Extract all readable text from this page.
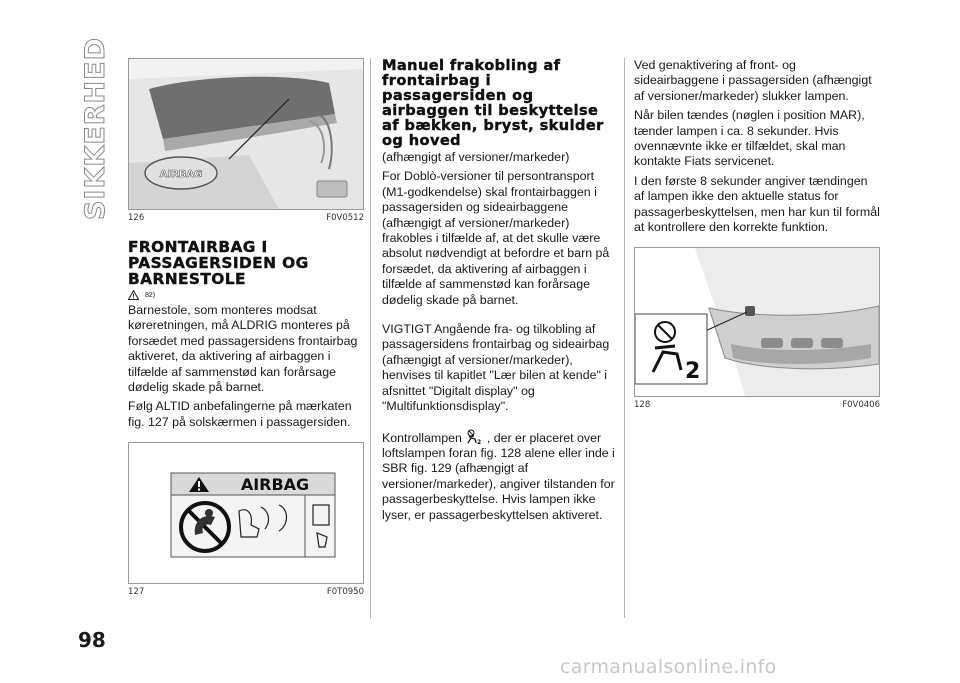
SIKKERHED	AIRBAG
126	F0V0512
FRONTAIRBAG I PASSAGERSIDEN OG BARNESTOLE
82)

Barnestole, som monteres modsat køreretningen, må ALDRIG monteres på forsædet med passagersidens frontairbag aktiveret, da aktivering af airbaggen i tilfælde af sammenstød kan forårsage dødelig skade på barnet.

Følg ALTID anbefalingerne på mærkaten fig. 127 på solskærmen i passagersiden.

AIRBAG
127	F0T0950
Manuel frakobling af frontairbag i passagersiden og airbaggen til beskyttelse af bækken, bryst, skulder og hoved

(afhængigt af versioner/markeder)

For Doblò-versioner til persontransport (M1-godkendelse) skal frontairbaggen i passagersiden og sideairbaggene (afhængigt af versioner/markeder) frakobles i tilfælde af, at det skulle være absolut nødvendigt at befordre et barn på forsædet, da aktivering af airbaggen i tilfælde af sammenstød kan forårsage dødelig skade på barnet.

VIGTIGT Angående fra- og tilkobling af passagersidens frontairbag og sideairbag (afhængigt af versioner/markeder), henvises til kapitlet "Lær bilen at kende" i afsnittet "Digitalt display" og "Multifunktionsdisplay".

Kontrollampen	2 , der er placeret over loftslampen foran fig. 128 alene eller inde i SBR fig. 129 (afhængigt af versioner/markeder), angiver tilstanden for passagerbeskyttelse. Hvis lampen ikke lyser, er passagerbeskyttelsen aktiveret.

Ved genaktivering af front- og sideairbaggene i passagersiden (afhængigt af versioner/markeder) slukker lampen.

Når bilen tændes (nøglen i position MAR), tænder lampen i ca. 8 sekunder. Hvis ovennævnte ikke er tilfældet, skal man kontakte Fiats servicenet.

I den første 8 sekunder angiver tændingen af lampen ikke den aktuelle status for passagerbeskyttelsen, men har kun til formål at kontrollere den korrekte funktion.

2
128	F0V0406
98
carmanualsonline.info
